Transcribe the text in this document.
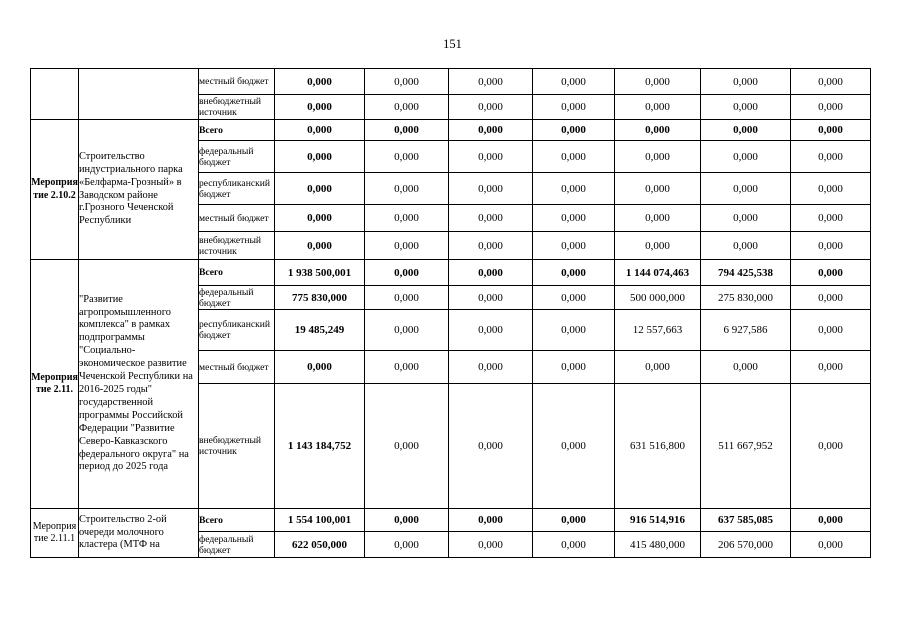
151
		местный бюджет	0,000	0,000	0,000	0,000	0,000	0,000	0,000
		внебюджетный источник	0,000	0,000	0,000	0,000	0,000	0,000	0,000
Мероприятие 2.10.2	Строительство индустриального парка «Белфарма-Грозный» в Заводском районе г.Грозного Чеченской Республики	Всего	0,000	0,000	0,000	0,000	0,000	0,000	0,000
		федеральный бюджет	0,000	0,000	0,000	0,000	0,000	0,000	0,000
		республиканский бюджет	0,000	0,000	0,000	0,000	0,000	0,000	0,000
		местный бюджет	0,000	0,000	0,000	0,000	0,000	0,000	0,000
		внебюджетный источник	0,000	0,000	0,000	0,000	0,000	0,000	0,000
Мероприятие 2.11.	"Развитие агропромышленного комплекса" в рамках подпрограммы "Социально-экономическое развитие Чеченской Республики на 2016-2025 годы" государственной программы Российской Федерации "Развитие Северо-Кавказского федерального округа" на период до 2025 года	Всего	1 938 500,001	0,000	0,000	0,000	1 144 074,463	794 425,538	0,000
		федеральный бюджет	775 830,000	0,000	0,000	0,000	500 000,000	275 830,000	0,000
		республиканский бюджет	19 485,249	0,000	0,000	0,000	12 557,663	6 927,586	0,000
		местный бюджет	0,000	0,000	0,000	0,000	0,000	0,000	0,000
		внебюджетный источник	1 143 184,752	0,000	0,000	0,000	631 516,800	511 667,952	0,000
Мероприятие 2.11.1	Строительство 2-ой очереди молочного кластера (МТФ на	Всего	1 554 100,001	0,000	0,000	0,000	916 514,916	637 585,085	0,000
		федеральный бюджет	622 050,000	0,000	0,000	0,000	415 480,000	206 570,000	0,000
